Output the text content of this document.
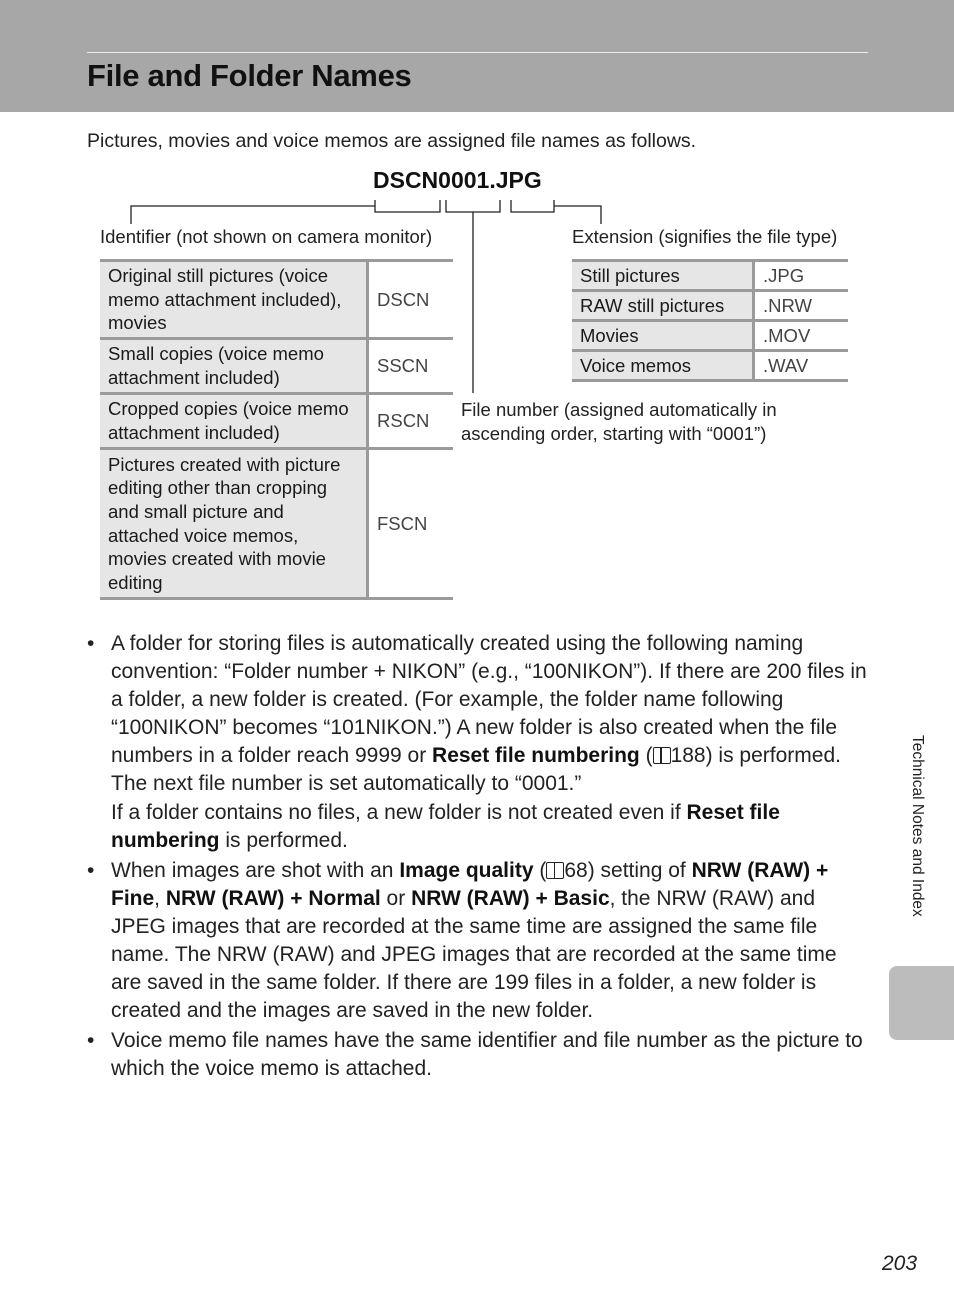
File and Folder Names
Pictures, movies and voice memos are assigned file names as follows.
DSCN0001.JPG
Identifier (not shown on camera monitor)	Extension (signifies the file type)
File number (assigned automatically in
ascending order, starting with “0001”)
Original still pictures (voice memo attachment included), movies	DSCN
Small copies (voice memo attachment included)	SSCN
Cropped copies (voice memo attachment included)	RSCN
Pictures created with picture editing other than cropping and small picture and attached voice memos, movies created with movie editing	FSCN
Still pictures	.JPG
RAW still pictures	.NRW
Movies	.MOV
Voice memos	.WAV
• A folder for storing files is automatically created using the following naming convention: “Folder number + NIKON” (e.g., “100NIKON”). If there are 200 files in a folder, a new folder is created. (For example, the folder name following “100NIKON” becomes “101NIKON.”) A new folder is also created when the file numbers in a folder reach 9999 or Reset file numbering ( 188) is performed. The next file number is set automatically to “0001.”
If a folder contains no files, a new folder is not created even if Reset file numbering is performed.
• When images are shot with an Image quality ( 68) setting of NRW (RAW) + Fine, NRW (RAW) + Normal or NRW (RAW) + Basic, the NRW (RAW) and JPEG images that are recorded at the same time are assigned the same file name. The NRW (RAW) and JPEG images that are recorded at the same time are saved in the same folder. If there are 199 files in a folder, a new folder is created and the images are saved in the new folder.
• Voice memo file names have the same identifier and file number as the picture to which the voice memo is attached.
Technical Notes and Index
203
